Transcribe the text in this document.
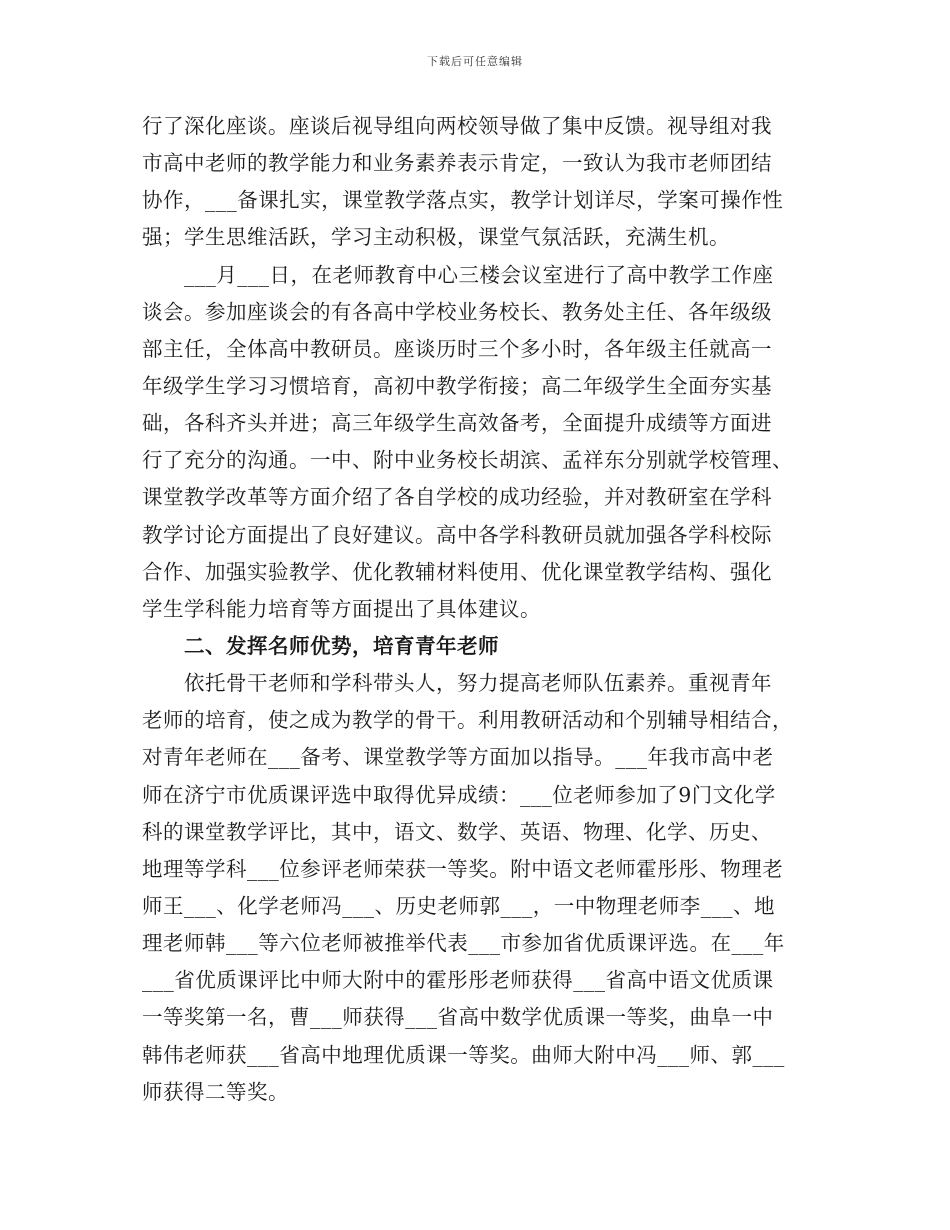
下载后可任意编辑
行了深化座谈。座谈后视导组向两校领导做了集中反馈。视导组对我
市高中老师的教学能力和业务素养表示肯定，一致认为我市老师团结
协作，___备课扎实，课堂教学落点实，教学计划详尽，学案可操作性
强；学生思维活跃，学习主动积极，课堂气氛活跃，充满生机。
___月___日，在老师教育中心三楼会议室进行了高中教学工作座
谈会。参加座谈会的有各高中学校业务校长、教务处主任、各年级级
部主任，全体高中教研员。座谈历时三个多小时，各年级主任就高一
年级学生学习习惯培育，高初中教学衔接；高二年级学生全面夯实基
础，各科齐头并进；高三年级学生高效备考，全面提升成绩等方面进
行了充分的沟通。一中、附中业务校长胡滨、孟祥东分别就学校管理、
课堂教学改革等方面介绍了各自学校的成功经验，并对教研室在学科
教学讨论方面提出了良好建议。高中各学科教研员就加强各学科校际
合作、加强实验教学、优化教辅材料使用、优化课堂教学结构、强化
学生学科能力培育等方面提出了具体建议。
二、发挥名师优势，培育青年老师
依托骨干老师和学科带头人，努力提高老师队伍素养。重视青年
老师的培育，使之成为教学的骨干。利用教研活动和个别辅导相结合，
对青年老师在___备考、课堂教学等方面加以指导。___年我市高中老
师在济宁市优质课评选中取得优异成绩：___位老师参加了9门文化学
科的课堂教学评比，其中，语文、数学、英语、物理、化学、历史、
地理等学科___位参评老师荣获一等奖。附中语文老师霍彤彤、物理老
师王___、化学老师冯___、历史老师郭___，一中物理老师李___、地
理老师韩___等六位老师被推举代表___市参加省优质课评选。在___年
___省优质课评比中师大附中的霍彤彤老师获得___省高中语文优质课
一等奖第一名，曹___师获得___省高中数学优质课一等奖，曲阜一中
韩伟老师获___省高中地理优质课一等奖。曲师大附中冯___师、郭___
师获得二等奖。
